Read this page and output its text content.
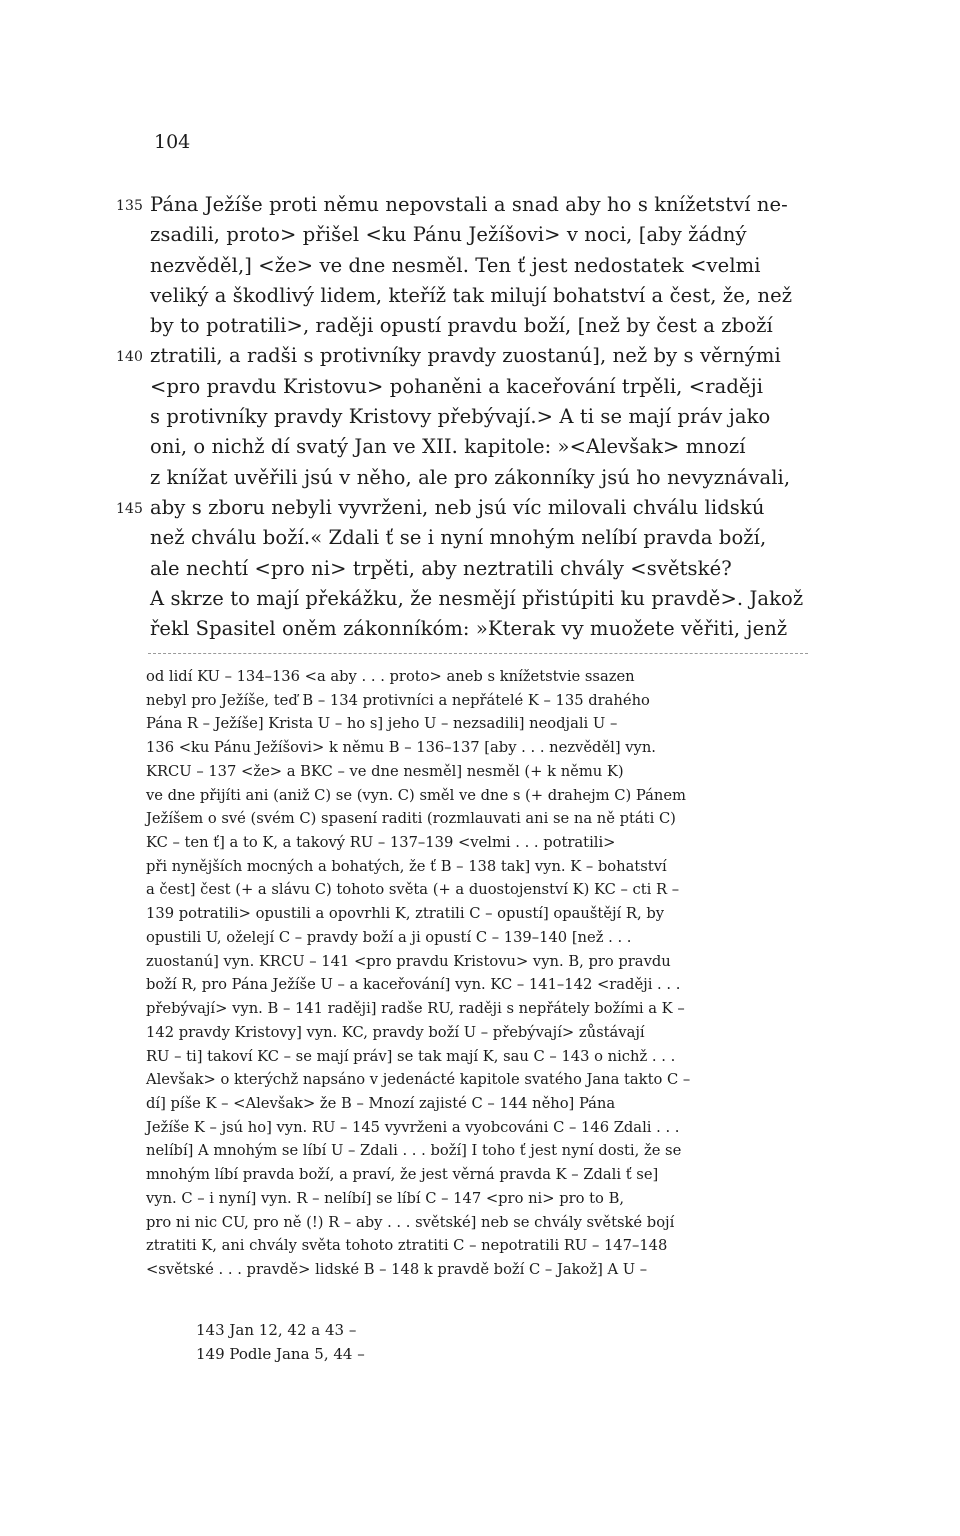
104
135 Pána Ježíše proti němu nepovstali a snad aby ho s knížetství ne-
zsadili, proto> přišel <ku Pánu Ježíšovi> v noci, [aby žádný
nezvěděl,] <že> ve dne nesměl. Ten ť jest nedostatek <velmi
veliký a škodlivý lidem, kteříž tak milují bohatství a čest, že, než
by to potratili>, raději opustí pravdu boží, [než by čest a zboží
140 ztratili, a radši s protivníky pravdy zuostanú], než by s věrnými
<pro pravdu Kristovu> pohaněni a kaceřování trpěli, <raději
s protivníky pravdy Kristovy přebývají.> A ti se mají práv jako
oni, o nichž dí svatý Jan ve XII. kapitole: »<Alevšak> mnozí
z knížat uvěřili jsú v něho, ale pro zákonníky jsú ho nevyznávali,
145 aby s zboru nebyli vyvrženi, neb jsú víc milovali chválu lidskú
než chválu boží.« Zdali ť se i nyní mnohým nelíbí pravda boží,
ale nechtí <pro ni> trpěti, aby neztratili chvály <světské?
A skrze to mají překážku, že nesmějí přistúpiti ku pravdě>. Jakož
řekl Spasitel oněm zákonníkóm: »Kterak vy muožete věřiti, jenž
od lidí KU – 134–136 <a aby . . . proto> aneb s knížetstvie ssazen
nebyl pro Ježíše, teď B – 134 protivníci a nepřátelé K – 135 drahého
Pána R – Ježíše] Krista U – ho s] jeho U – nezsadili] neodjali U –
136 <ku Pánu Ježíšovi> k němu B – 136–137 [aby . . . nezvěděl] vyn.
KRCU – 137 <že> a BKC – ve dne nesměl] nesměl (+ k němu K)
ve dne přijíti ani (aniž C) se (vyn. C) směl ve dne s (+ drahejm C) Pánem
Ježíšem o své (svém C) spasení raditi (rozmlauvati ani se na ně ptáti C)
KC – ten ť] a to K, a takový RU – 137–139 <velmi . . . potratili>
při nynějších mocných a bohatých, že ť B – 138 tak] vyn. K – bohatství
a čest] čest (+ a slávu C) tohoto světa (+ a duostojenství K) KC – cti R –
139 potratili> opustili a opovrhli K, ztratili C – opustí] opauštějí R, by
opustili U, oželejí C – pravdy boží a ji opustí C – 139–140 [než . . .
zuostanú] vyn. KRCU – 141 <pro pravdu Kristovu> vyn. B, pro pravdu
boží R, pro Pána Ježíše U – a kaceřování] vyn. KC – 141–142 <raději . . .
přebývají> vyn. B – 141 raději] radše RU, raději s nepřátely božími a K –
142 pravdy Kristovy] vyn. KC, pravdy boží U – přebývají> zůstávají
RU – ti] takoví KC – se mají práv] se tak mají K, sau C – 143 o nichž . . .
Alevšak> o kterýchž napsáno v jedenácté kapitole svatého Jana takto C –
dí] píše K – <Alevšak> že B – Mnozí zajisté C – 144 něho] Pána
Ježíše K – jsú ho] vyn. RU – 145 vyvrženi a vyobcováni C – 146 Zdali . . .
nelíbí] A mnohým se líbí U – Zdali . . . boží] I toho ť jest nyní dosti, že se
mnohým líbí pravda boží, a praví, že jest věrná pravda K – Zdali ť se]
vyn. C – i nyní] vyn. R – nelíbí] se líbí C – 147 <pro ni> pro to B,
pro ni nic CU, pro ně (!) R – aby . . . světské] neb se chvály světské bojí
ztratiti K, ani chvály světa tohoto ztratiti C – nepotratili RU – 147–148
<světské . . . pravdě> lidské B – 148 k pravdě boží C – Jakož] A U –
143 Jan 12, 42 a 43 –
149 Podle Jana 5, 44 –
